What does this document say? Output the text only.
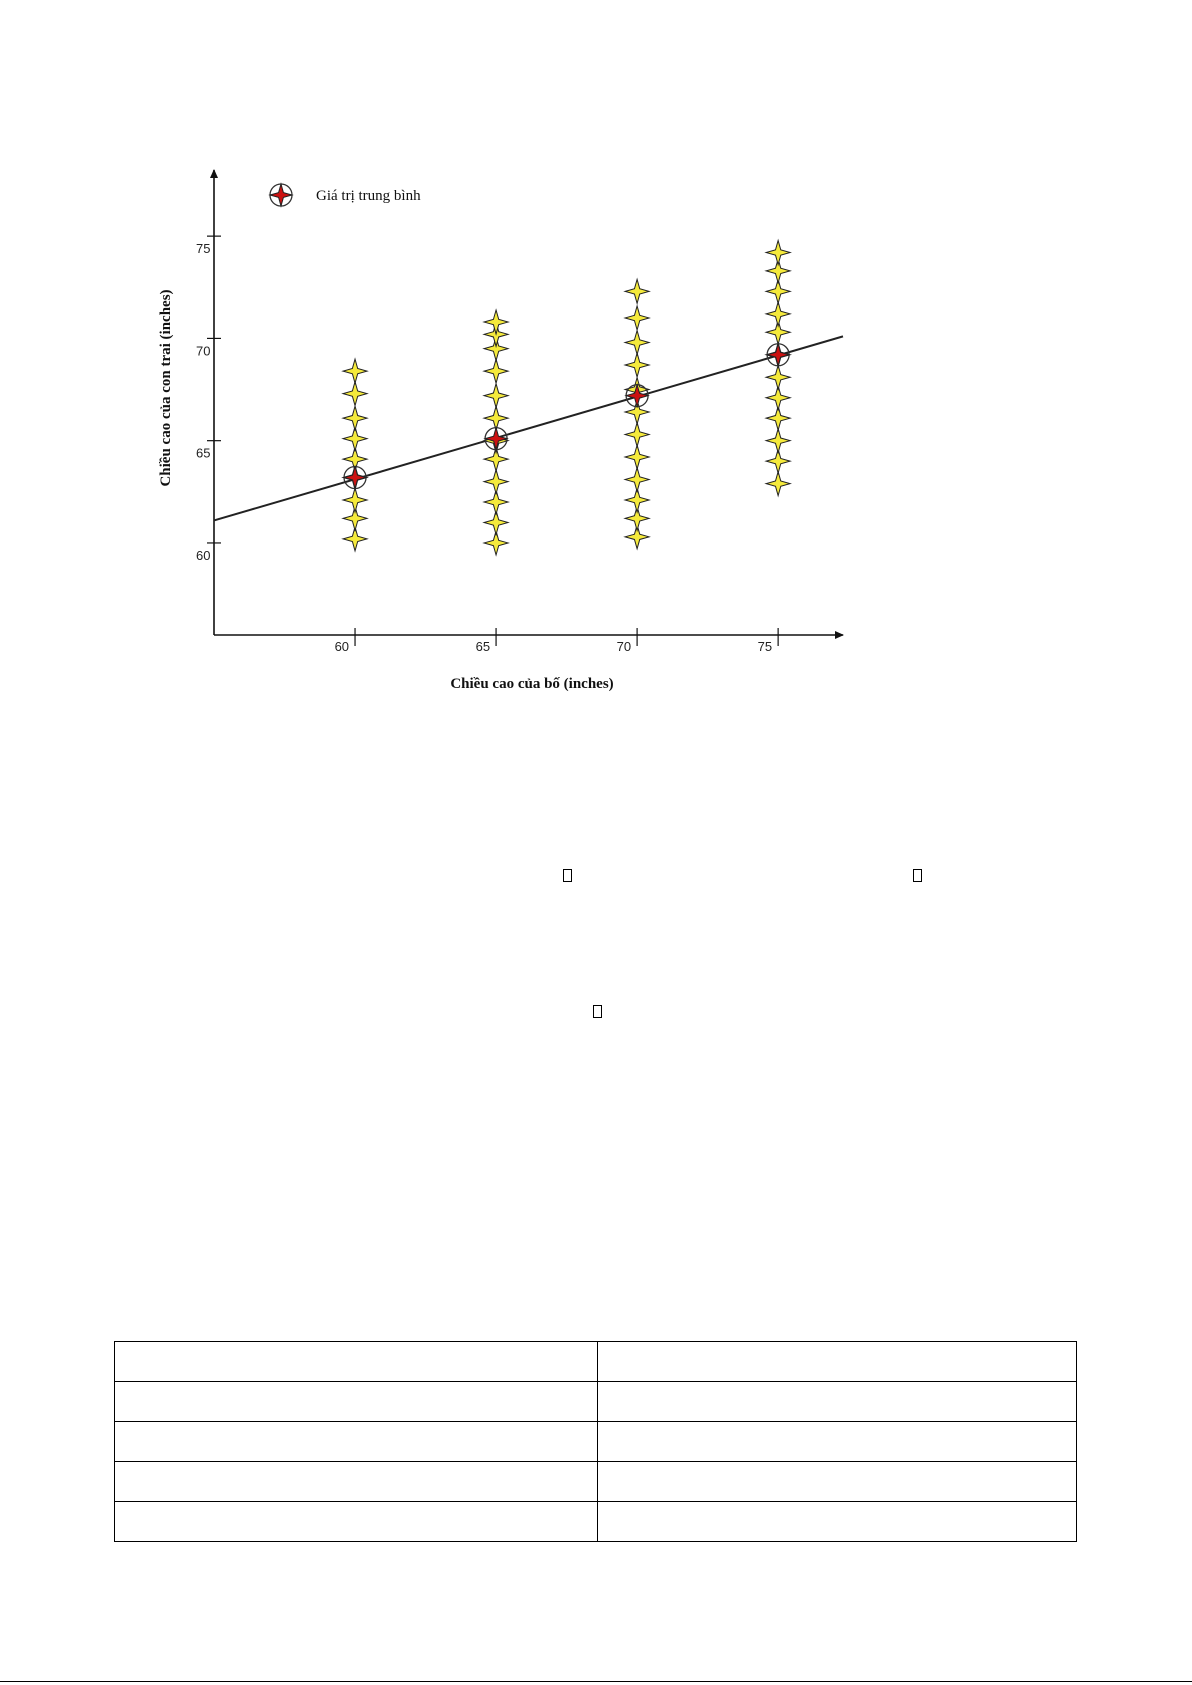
60
65
70
75
60	65	70	75
Giá trị trung bình
Chiều cao của bố (inches)
Chiều cao của con trai (inches)
